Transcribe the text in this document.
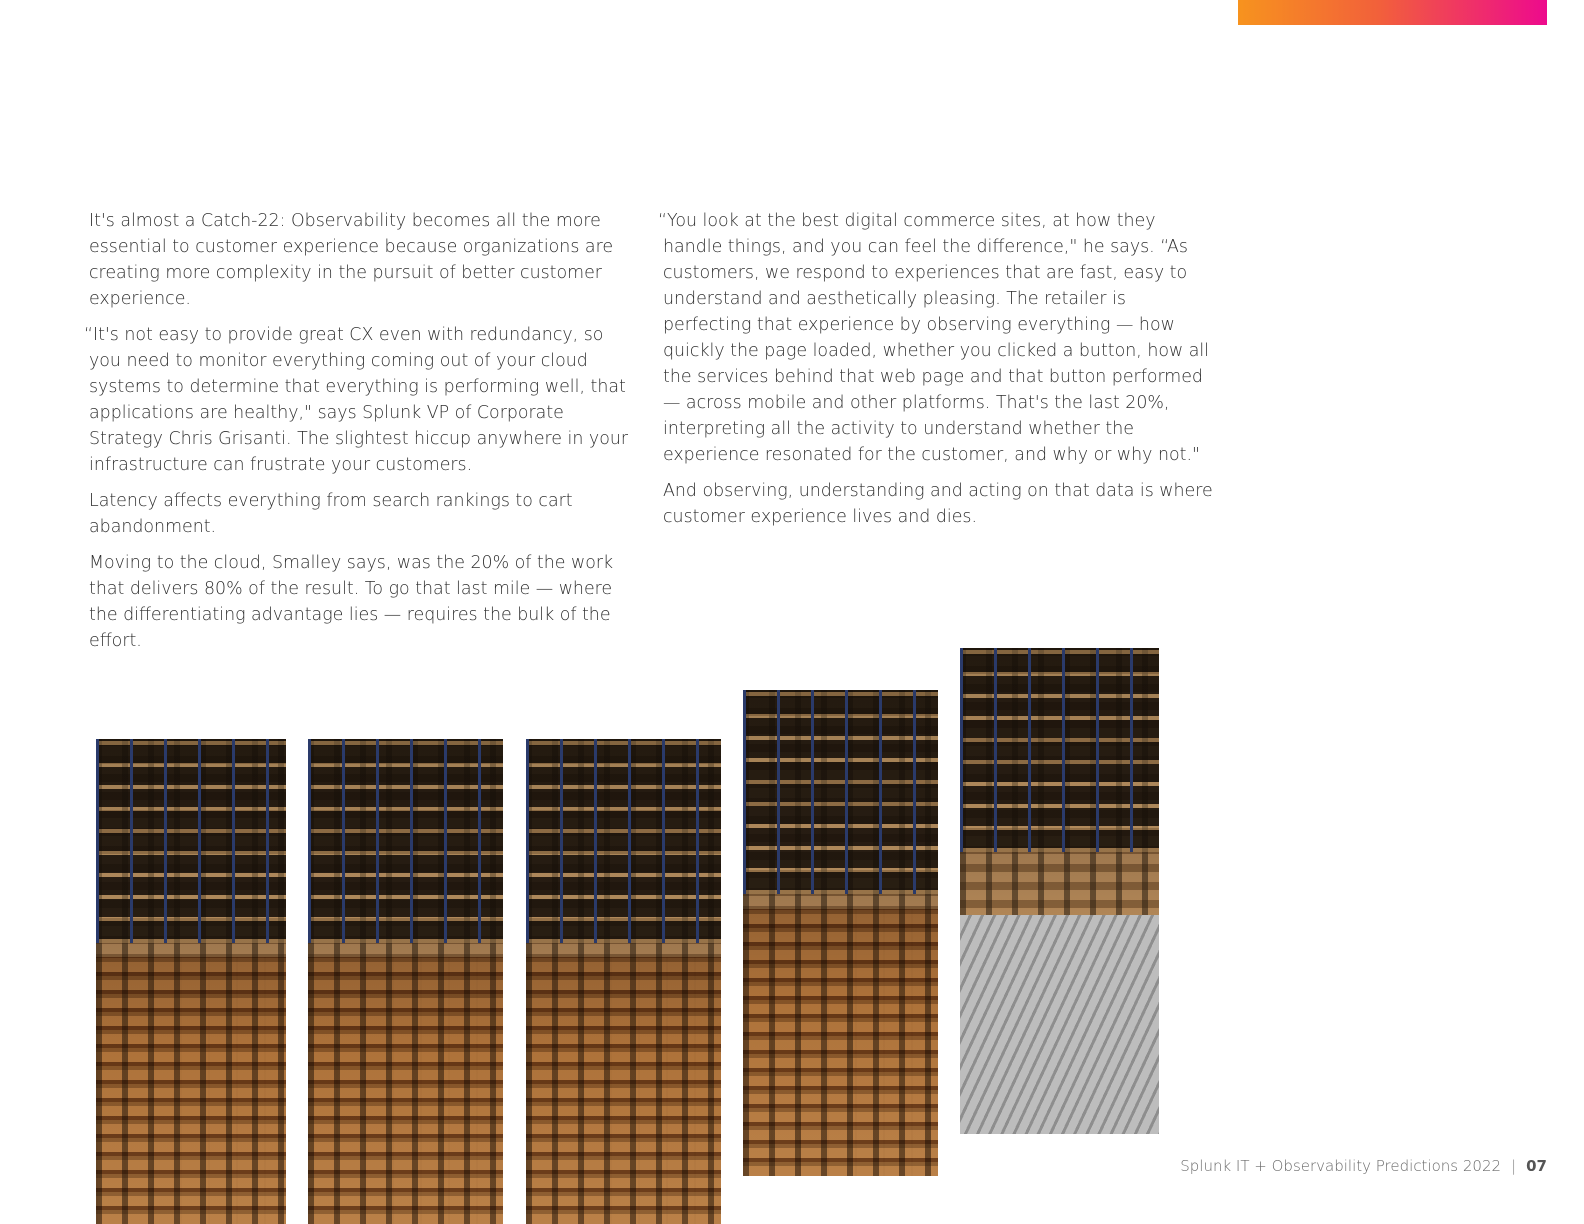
It's almost a Catch-22: Observability becomes all the more essential to customer experience because organizations are creating more complexity in the pursuit of better customer experience.

“It's not easy to provide great CX even with redundancy, so you need to monitor everything coming out of your cloud systems to determine that everything is performing well, that applications are healthy," says Splunk VP of Corporate Strategy Chris Grisanti. The slightest hiccup anywhere in your infrastructure can frustrate your customers.

Latency affects everything from search rankings to cart abandonment.

Moving to the cloud, Smalley says, was the 20% of the work that delivers 80% of the result. To go that last mile — where the differentiating advantage lies — requires the bulk of the effort.

“You look at the best digital commerce sites, at how they handle things, and you can feel the difference," he says. “As customers, we respond to experiences that are fast, easy to understand and aesthetically pleasing. The retailer is perfecting that experience by observing everything — how quickly the page loaded, whether you clicked a button, how all the services behind that web page and that button performed — across mobile and other platforms. That's the last 20%, interpreting all the activity to understand whether the experience resonated for the customer, and why or why not."

And observing, understanding and acting on that data is where customer experience lives and dies.

Splunk IT + Observability Predictions 2022 | 07
